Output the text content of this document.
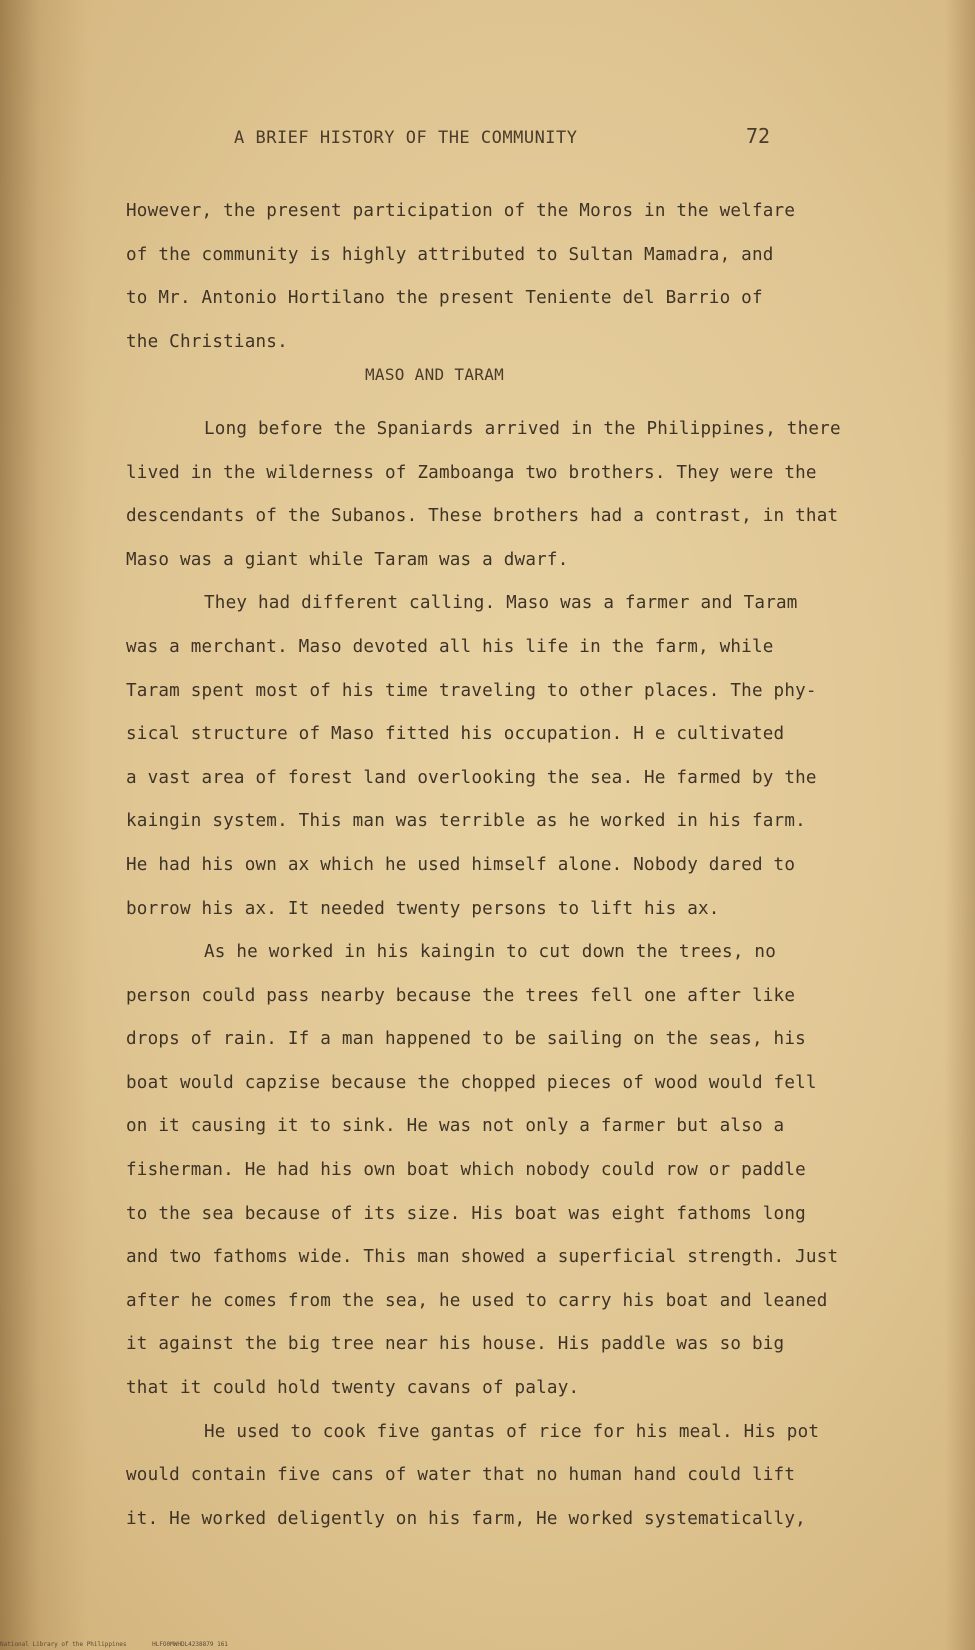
A BRIEF HISTORY OF THE COMMUNITY	72
However, the present participation of the Moros in the welfare
of the community is highly attributed to Sultan Mamadra, and
to Mr. Antonio Hortilano the present Teniente del Barrio of
the Christians.
Long before the Spaniards arrived in the Philippines, there
lived in the wilderness of Zamboanga two brothers. They were the
descendants of the Subanos. These brothers had a contrast, in that
Maso was a giant while Taram was a dwarf.
They had different calling. Maso was a farmer and Taram
was a merchant. Maso devoted all his life in the farm, while
Taram spent most of his time traveling to other places. The phy-
sical structure of Maso fitted his occupation. H e cultivated
a vast area of forest land overlooking the sea. He farmed by the
kaingin system. This man was terrible as he worked in his farm.
He had his own ax which he used himself alone. Nobody dared to
borrow his ax. It needed twenty persons to lift his ax.
As he worked in his kaingin to cut down the trees, no
person could pass nearby because the trees fell one after like
drops of rain. If a man happened to be sailing on the seas, his
boat would capzise because the chopped pieces of wood would fell
on it causing it to sink. He was not only a farmer but also a
fisherman. He had his own boat which nobody could row or paddle
to the sea because of its size. His boat was eight fathoms long
and two fathoms wide. This man showed a superficial strength. Just
after he comes from the sea, he used to carry his boat and leaned
it against the big tree near his house. His paddle was so big
that it could hold twenty cavans of palay.
He used to cook five gantas of rice for his meal. His pot
would contain five cans of water that no human hand could lift
it. He worked deligently on his farm, He worked systematically,
MASO AND TARAM
National Library of the Philippines	HLFO0MWHDL4238879 161
